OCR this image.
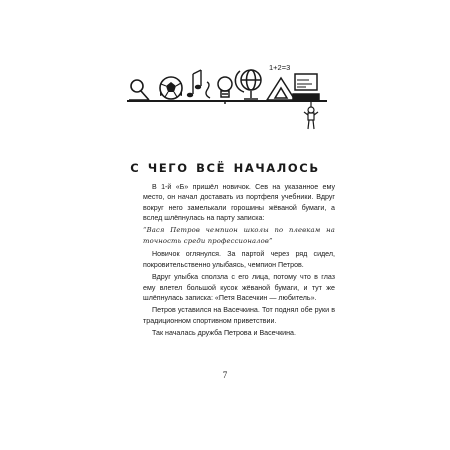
1+2=3
С ЧЕГО ВСЁ НАЧАЛОСЬ

В 1-й «Б» пришёл новичок. Сев на указанное ему место, он начал доставать из портфеля учебники. Вдруг вокруг него замелькали горошины жёваной бумаги, а вслед шлёпнулась на парту записка:

“Вася Петров чемпион школы по плевкам на точность среди профессионалов”

Новичок оглянулся. За партой через ряд сидел, покровительственно улыбаясь, чемпион Петров.

Вдруг улыбка сползла с его лица, потому что в глаз ему влетел большой кусок жёваной бумаги, и тут же шлёпнулась записка: «Петя Васечкин — любитель».

Петров уставился на Васечкина. Тот поднял обе руки в традиционном спортивном приветствии.

Так началась дружба Петрова и Васечкина.

7
